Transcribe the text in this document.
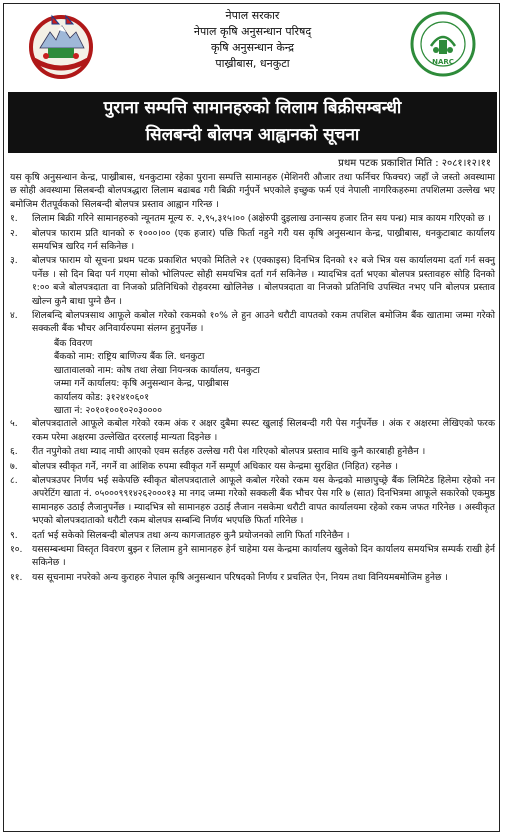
नेपाल सरकार
नेपाल कृषि अनुसन्धान परिषद्
कृषि अनुसन्धान केन्द्र
पाख्रीबास, धनकुटा	NARC
पुराना सम्पत्ति सामानहरुको लिलाम बिक्रीसम्बन्धी
सिलबन्दी बोलपत्र आह्वानको सूचना
प्रथम पटक प्रकाशित मिति : २०८१।१२।११

यस कृषि अनुसन्धान केन्द्र, पाख्रीबास, धनकुटामा रहेका पुराना सम्पत्ति सामानहरु (मेशिनरी औजार तथा फर्निचर फिक्चर) जहाँ जे जस्तो अवस्थामा छ सोही अवस्थामा सिलबन्दी बोलपत्रद्धारा लिलाम बढाबढ गरी बिक्री गर्नुपर्ने भएकोले इच्छुक फर्म एवं नेपाली नागरिकहरुमा तपशिलमा उल्लेख भए बमोजिम रीतपूर्वकको सिलबन्दी बोलपत्र प्रस्ताव आह्वान गरिन्छ ।

१.	लिलाम बिक्री गरिने सामानहरुको न्यूनतम मूल्य रु. २,९५,३१५।०० (अक्षेरुपी दुइलाख उनान्सय हजार तिन सय पन्ध्र) मात्र कायम गरिएको छ ।
२.	बोलपत्र फाराम प्रति थानको रु १०००।०० (एक हजार) पछि फिर्ता नहुने गरी यस कृषि अनुसन्धान केन्द्र, पाख्रीबास, धनकुटाबाट कार्यालय समयभित्र खरिद गर्न सकिनेछ ।
३.	बोलपत्र फाराम यो सूचना प्रथम पटक प्रकाशित भएको मितिले २१ (एक्काइस) दिनभित्र दिनको १२ बजे भित्र यस कार्यालयमा दर्ता गर्न सक्नु पर्नेछ । सो दिन बिदा पर्न गएमा सोको भोलिपल्ट सोही समयभित्र दर्ता गर्न सकिनेछ । म्यादभित्र दर्ता भएका बोलपत्र प्रस्तावहरु सोहि दिनको १:०० बजे बोलपत्रदाता वा निजको प्रतिनिधिको रोहवरमा खोलिनेछ । बोलपत्रदाता वा निजको प्रतिनिधि उपस्थित नभए पनि बोलपत्र प्रस्ताव खोल्न कुनै बाधा पुग्ने छैन ।
४.	शिलबन्दि बोलपत्रसाथ आफूले कबोल गरेको रकमको १०% ले हुन आउने धरौटी वापतको रकम तपशिल बमोजिम बैंक खातामा जम्मा गरेको सक्कली बैंक भौचर अनिवार्यरुपमा संलग्न हुनुपर्नेछ ।
बैंक विवरण
बैंकको नाम: राष्ट्रिय बाणिज्य बैंक लि. धनकुटा
खातावालको नाम: कोष तथा लेखा नियन्त्रक कार्यालय, धनकुटा
जम्मा गर्ने कार्यालय: कृषि अनुसन्धान केन्द्र, पाख्रीबास
कार्यालय कोड: ३१२४१०६०१
खाता नं: २०१०१००१०२०३००००
५.	बोलपत्रदाताले आफूले कबोल गरेको रकम अंक र अक्षर दुबैमा स्पस्ट खुलाई सिलबन्दी गरी पेस गर्नुपर्नेछ । अंक र अक्षरमा लेखिएको फरक रकम परेमा अक्षरमा उल्लेखित दररलाई मान्यता दिइनेछ ।
६.	रीत नपुगेको तथा म्याद नाघी आएको एवम सर्तहरु उल्लेख गरी पेश गरिएको बोलपत्र प्रस्ताव माथि कुनै कारबाही हुनेछैन ।
७.	बोलपत्र स्वीकृत गर्ने, नगर्ने वा आंशिक रुपमा स्वीकृत गर्ने सम्पूर्ण अधिकार यस केन्द्रमा सुरक्षित (निहित) रहनेछ ।
८.	बोलपत्रउपर निर्णय भई सकेपछि स्वीकृत बोलपत्रदाताले आफूले कबोल गरेको रकम यस केन्द्रको माछापुच्छ्रे बैंक लिमिटेड हिलेमा रहेको नन अपरेटिंग खाता नं. ०५०००९९१४२६२०००१३ मा नगद जम्मा गरेको सक्कली बैंक भौचर पेस गरि ७ (सात) दिनभित्रमा आफूले सकारेको एकमुष्ठ सामानहरु उठाई लैजानुपर्नेछ । म्यादभित्र सो सामानहरु उठाई लैजान नसकेमा धरौटी वापत कार्यालयमा रहेको रकम जफत गरिनेछ । अस्वीकृत भएको बोलपत्रदाताको धरौटी रकम बोलपत्र सम्बन्धि निर्णय भएपछि फिर्ता गरिनेछ ।
९.	दर्ता भई सकेको सिलबन्दी बोलपत्र तथा अन्य कागजातहरु कुनै प्रयोजनको लागि फिर्ता गरिनेछैन ।
१०.	यससम्बन्धमा विस्तृत विवरण बुझ्न र लिलाम हुने सामानहरु हेर्न चाहेमा यस केन्द्रमा कार्यालय खुलेको दिन कार्यालय समयभित्र सम्पर्क राखी हेर्न सकिनेछ ।
११.	यस सूचनामा नपरेको अन्य कुराहरु नेपाल कृषि अनुसन्धान परिषदको निर्णय र प्रचलित ऐन, नियम तथा विनियमबमोजिम हुनेछ ।
